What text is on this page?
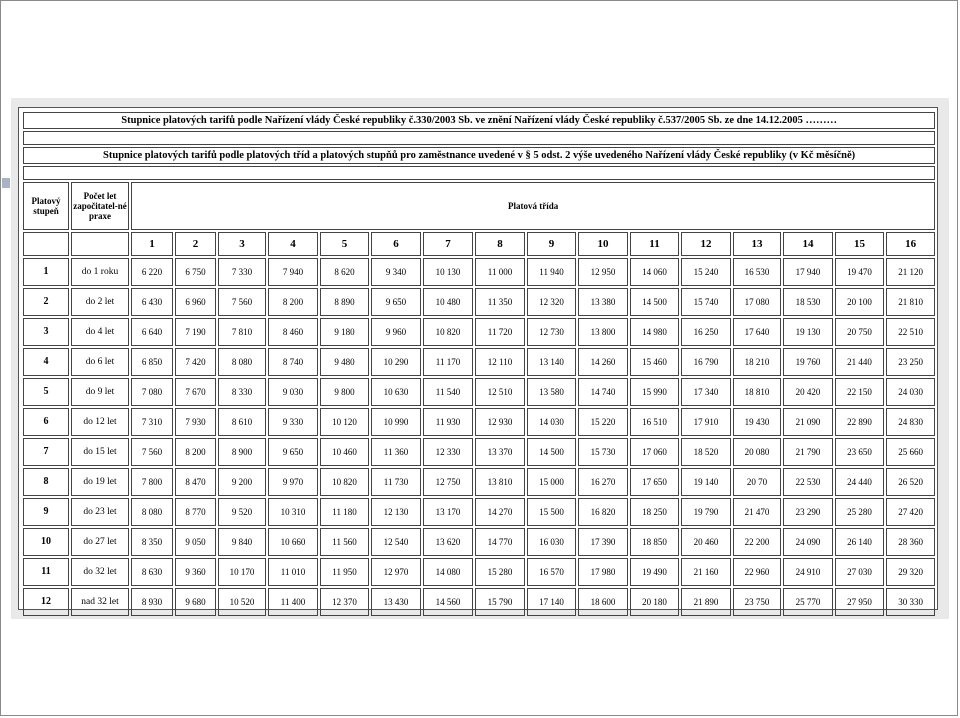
Stupnice platových tarifů podle Nařízení vlády České republiky č.330/2003 Sb. ve znění Nařízení vlády České republiky č.537/2005 Sb. ze dne 14.12.2005 ………																	

Stupnice platových tarifů podle platových tříd a platových stupňů pro zaměstnance uvedené v § 5 odst. 2 výše uvedeného Nařízení vlády České republiky (v Kč měsíčně)																	

Platový stupeň	Počet let započitatel-né praxe	Platová třída															
		1	2	3	4	5	6	7	8	9	10	11	12	13	14	15	16
1	do 1 roku	6 220	6 750	7 330	7 940	8 620	9 340	10 130	11 000	11 940	12 950	14 060	15 240	16 530	17 940	19 470	21 120
2	do 2 let	6 430	6 960	7 560	8 200	8 890	9 650	10 480	11 350	12 320	13 380	14 500	15 740	17 080	18 530	20 100	21 810
3	do 4 let	6 640	7 190	7 810	8 460	9 180	9 960	10 820	11 720	12 730	13 800	14 980	16 250	17 640	19 130	20 750	22 510
4	do 6 let	6 850	7 420	8 080	8 740	9 480	10 290	11 170	12 110	13 140	14 260	15 460	16 790	18 210	19 760	21 440	23 250
5	do 9 let	7 080	7 670	8 330	9 030	9 800	10 630	11 540	12 510	13 580	14 740	15 990	17 340	18 810	20 420	22 150	24 030
6	do 12 let	7 310	7 930	8 610	9 330	10 120	10 990	11 930	12 930	14 030	15 220	16 510	17 910	19 430	21 090	22 890	24 830
7	do 15 let	7 560	8 200	8 900	9 650	10 460	11 360	12 330	13 370	14 500	15 730	17 060	18 520	20 080	21 790	23 650	25 660
8	do 19 let	7 800	8 470	9 200	9 970	10 820	11 730	12 750	13 810	15 000	16 270	17 650	19 140	20 70	22 530	24 440	26 520
9	do 23 let	8 080	8 770	9 520	10 310	11 180	12 130	13 170	14 270	15 500	16 820	18 250	19 790	21 470	23 290	25 280	27 420
10	do 27 let	8 350	9 050	9 840	10 660	11 560	12 540	13 620	14 770	16 030	17 390	18 850	20 460	22 200	24 090	26 140	28 360
11	do 32 let	8 630	9 360	10 170	11 010	11 950	12 970	14 080	15 280	16 570	17 980	19 490	21 160	22 960	24 910	27 030	29 320
12	nad 32 let	8 930	9 680	10 520	11 400	12 370	13 430	14 560	15 790	17 140	18 600	20 180	21 890	23 750	25 770	27 950	30 330
